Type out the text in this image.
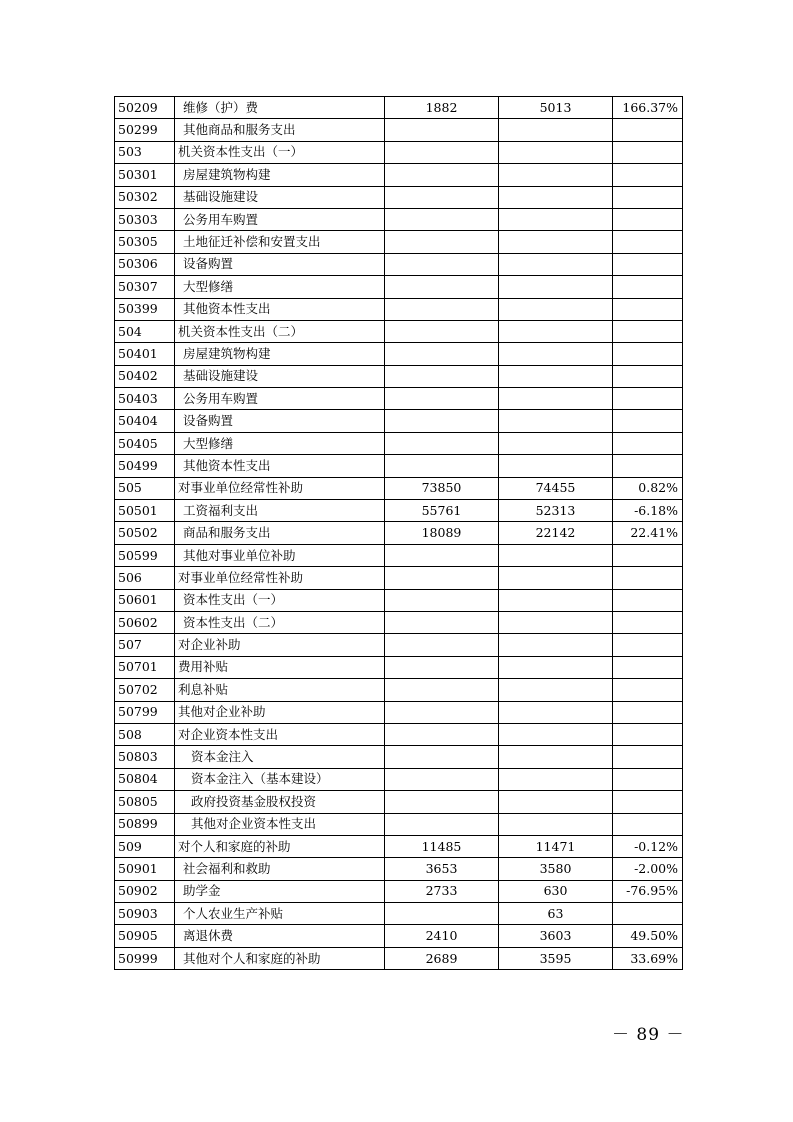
50209	维修（护）费	1882	5013	166.37%
50299	其他商品和服务支出			
503	机关资本性支出（一）			
50301	房屋建筑物构建			
50302	基础设施建设			
50303	公务用车购置			
50305	土地征迁补偿和安置支出			
50306	设备购置			
50307	大型修缮			
50399	其他资本性支出			
504	机关资本性支出（二）			
50401	房屋建筑物构建			
50402	基础设施建设			
50403	公务用车购置			
50404	设备购置			
50405	大型修缮			
50499	其他资本性支出			
505	对事业单位经常性补助	73850	74455	0.82%
50501	工资福利支出	55761	52313	-6.18%
50502	商品和服务支出	18089	22142	22.41%
50599	其他对事业单位补助			
506	对事业单位经常性补助			
50601	资本性支出（一）			
50602	资本性支出（二）			
507	对企业补助			
50701	费用补贴			
50702	利息补贴			
50799	其他对企业补助			
508	对企业资本性支出			
50803	资本金注入			
50804	资本金注入（基本建设）			
50805	政府投资基金股权投资			
50899	其他对企业资本性支出			
509	对个人和家庭的补助	11485	11471	-0.12%
50901	社会福利和救助	3653	3580	-2.00%
50902	助学金	2733	630	-76.95%
50903	个人农业生产补贴		63	
50905	离退休费	2410	3603	49.50%
50999	其他对个人和家庭的补助	2689	3595	33.69%
－ 89 －
